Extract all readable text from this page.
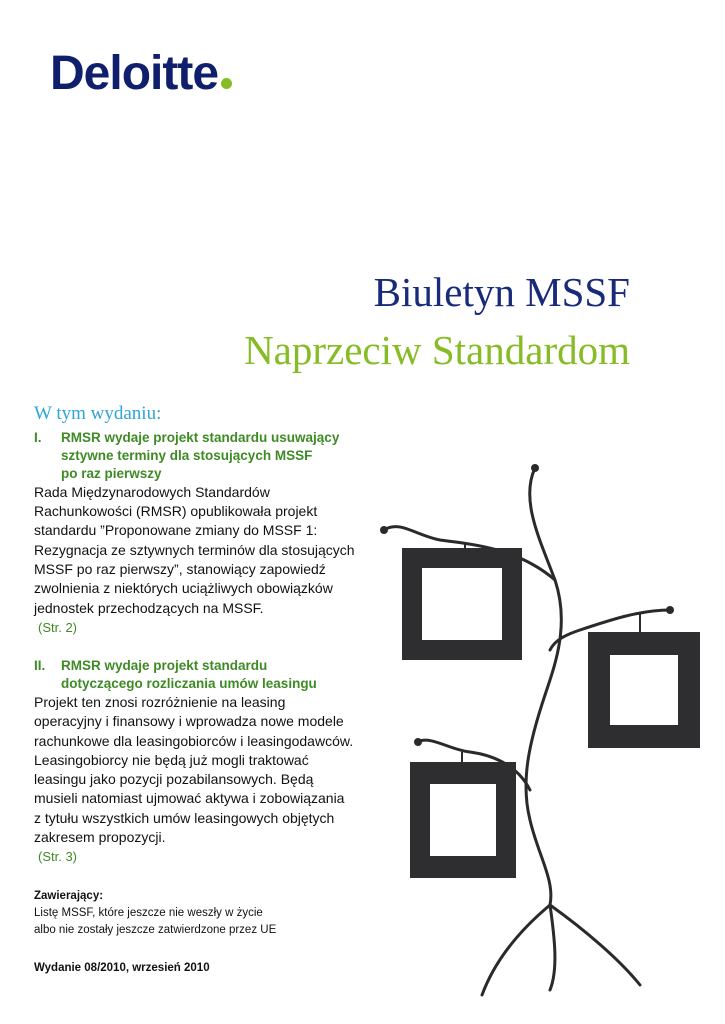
Deloitte
Biuletyn MSSF
Naprzeciw Standardom

W tym wydaniu:

I.	RMSR wydaje projekt standardu usuwający
sztywne terminy dla stosujących MSSF
po raz pierwszy

Rada Międzynarodowych Standardów
Rachunkowości (RMSR) opublikowała projekt
standardu ”Proponowane zmiany do MSSF 1:
Rezygnacja ze sztywnych terminów dla stosujących
MSSF po raz pierwszy”, stanowiący zapowiedź
zwolnienia z niektórych uciążliwych obowiązków
jednostek przechodzących na MSSF.

(Str. 2)

II.	RMSR wydaje projekt standardu
dotyczącego rozliczania umów leasingu

Projekt ten znosi rozróżnienie na leasing
operacyjny i finansowy i wprowadza nowe modele
rachunkowe dla leasingobiorców i leasingodawców.
Leasingobiorcy nie będą już mogli traktować
leasingu jako pozycji pozabilansowych. Będą
musieli natomiast ujmować aktywa i zobowiązania
z tytułu wszystkich umów leasingowych objętych
zakresem propozycji.

(Str. 3)

Zawierający:
Listę MSSF, które jeszcze nie weszły w życie
albo nie zostały jeszcze zatwierdzone przez UE
Wydanie 08/2010, wrzesień 2010
